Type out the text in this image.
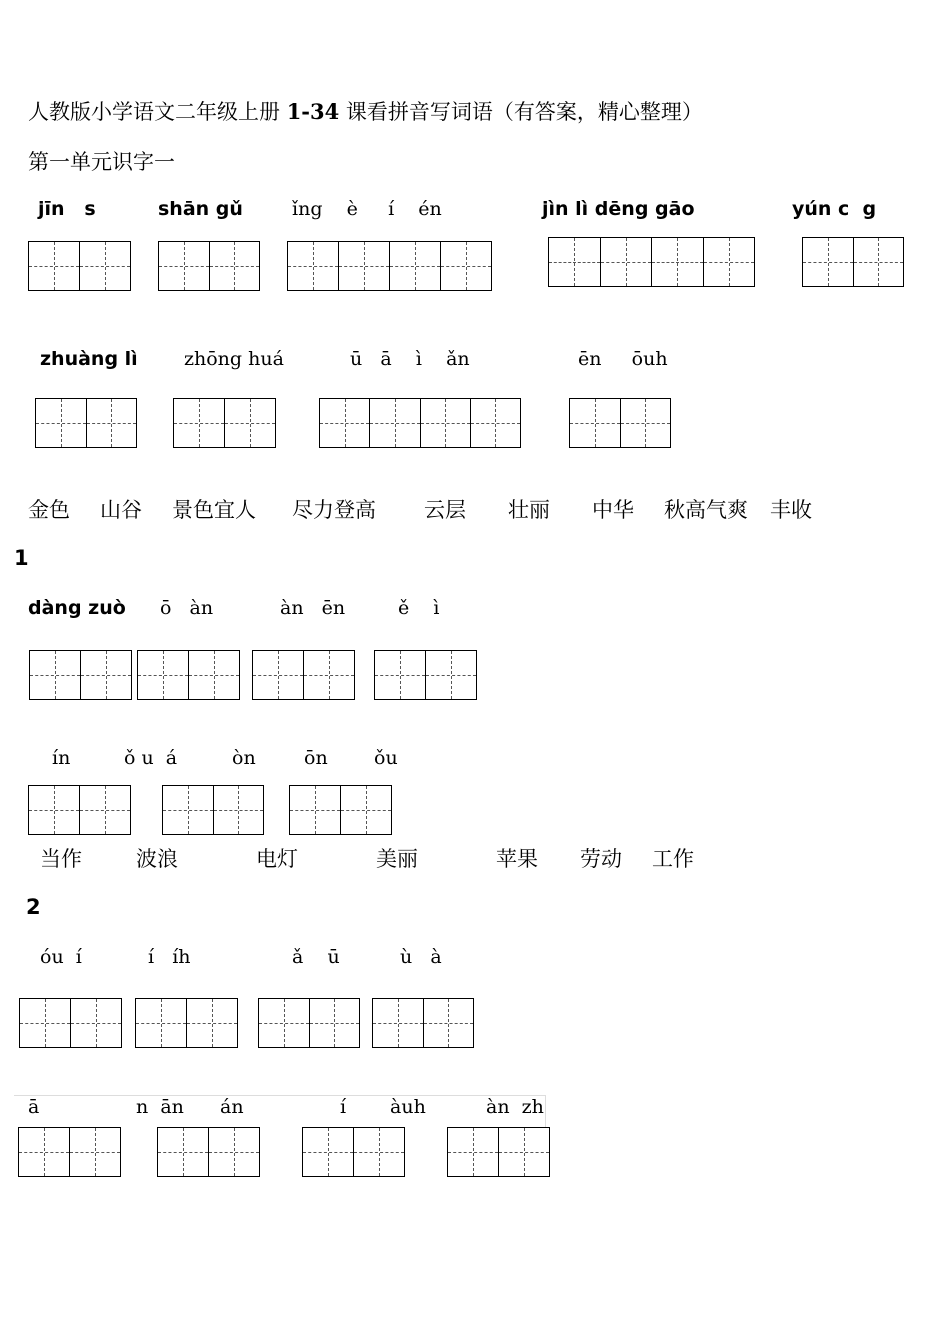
人教版小学语文二年级上册 1-34 课看拼音写词语（有答案，精心整理）
第一单元识字一
jīn   s	shān gǔ	ǐng    è     í    én	jìn lì dēng gāo	yún c  g
zhuàng lì zhōng huá	ū   ā    ì    ǎn	ēn     ōuh
金色 山谷 景色宜人 尽力登高 云层 壮丽 中华 秋高气爽 丰收
1
dàng zuò ō   àn	àn   ēn	ě    ì
ín	ǒ u  á	òn	ōn ǒu
当作	波浪	电灯	美丽	苹果 劳动 工作
2
óu  í	í   íh	ǎ    ū	ù   à
ā	n  ān án	í àuh	àn  zh
